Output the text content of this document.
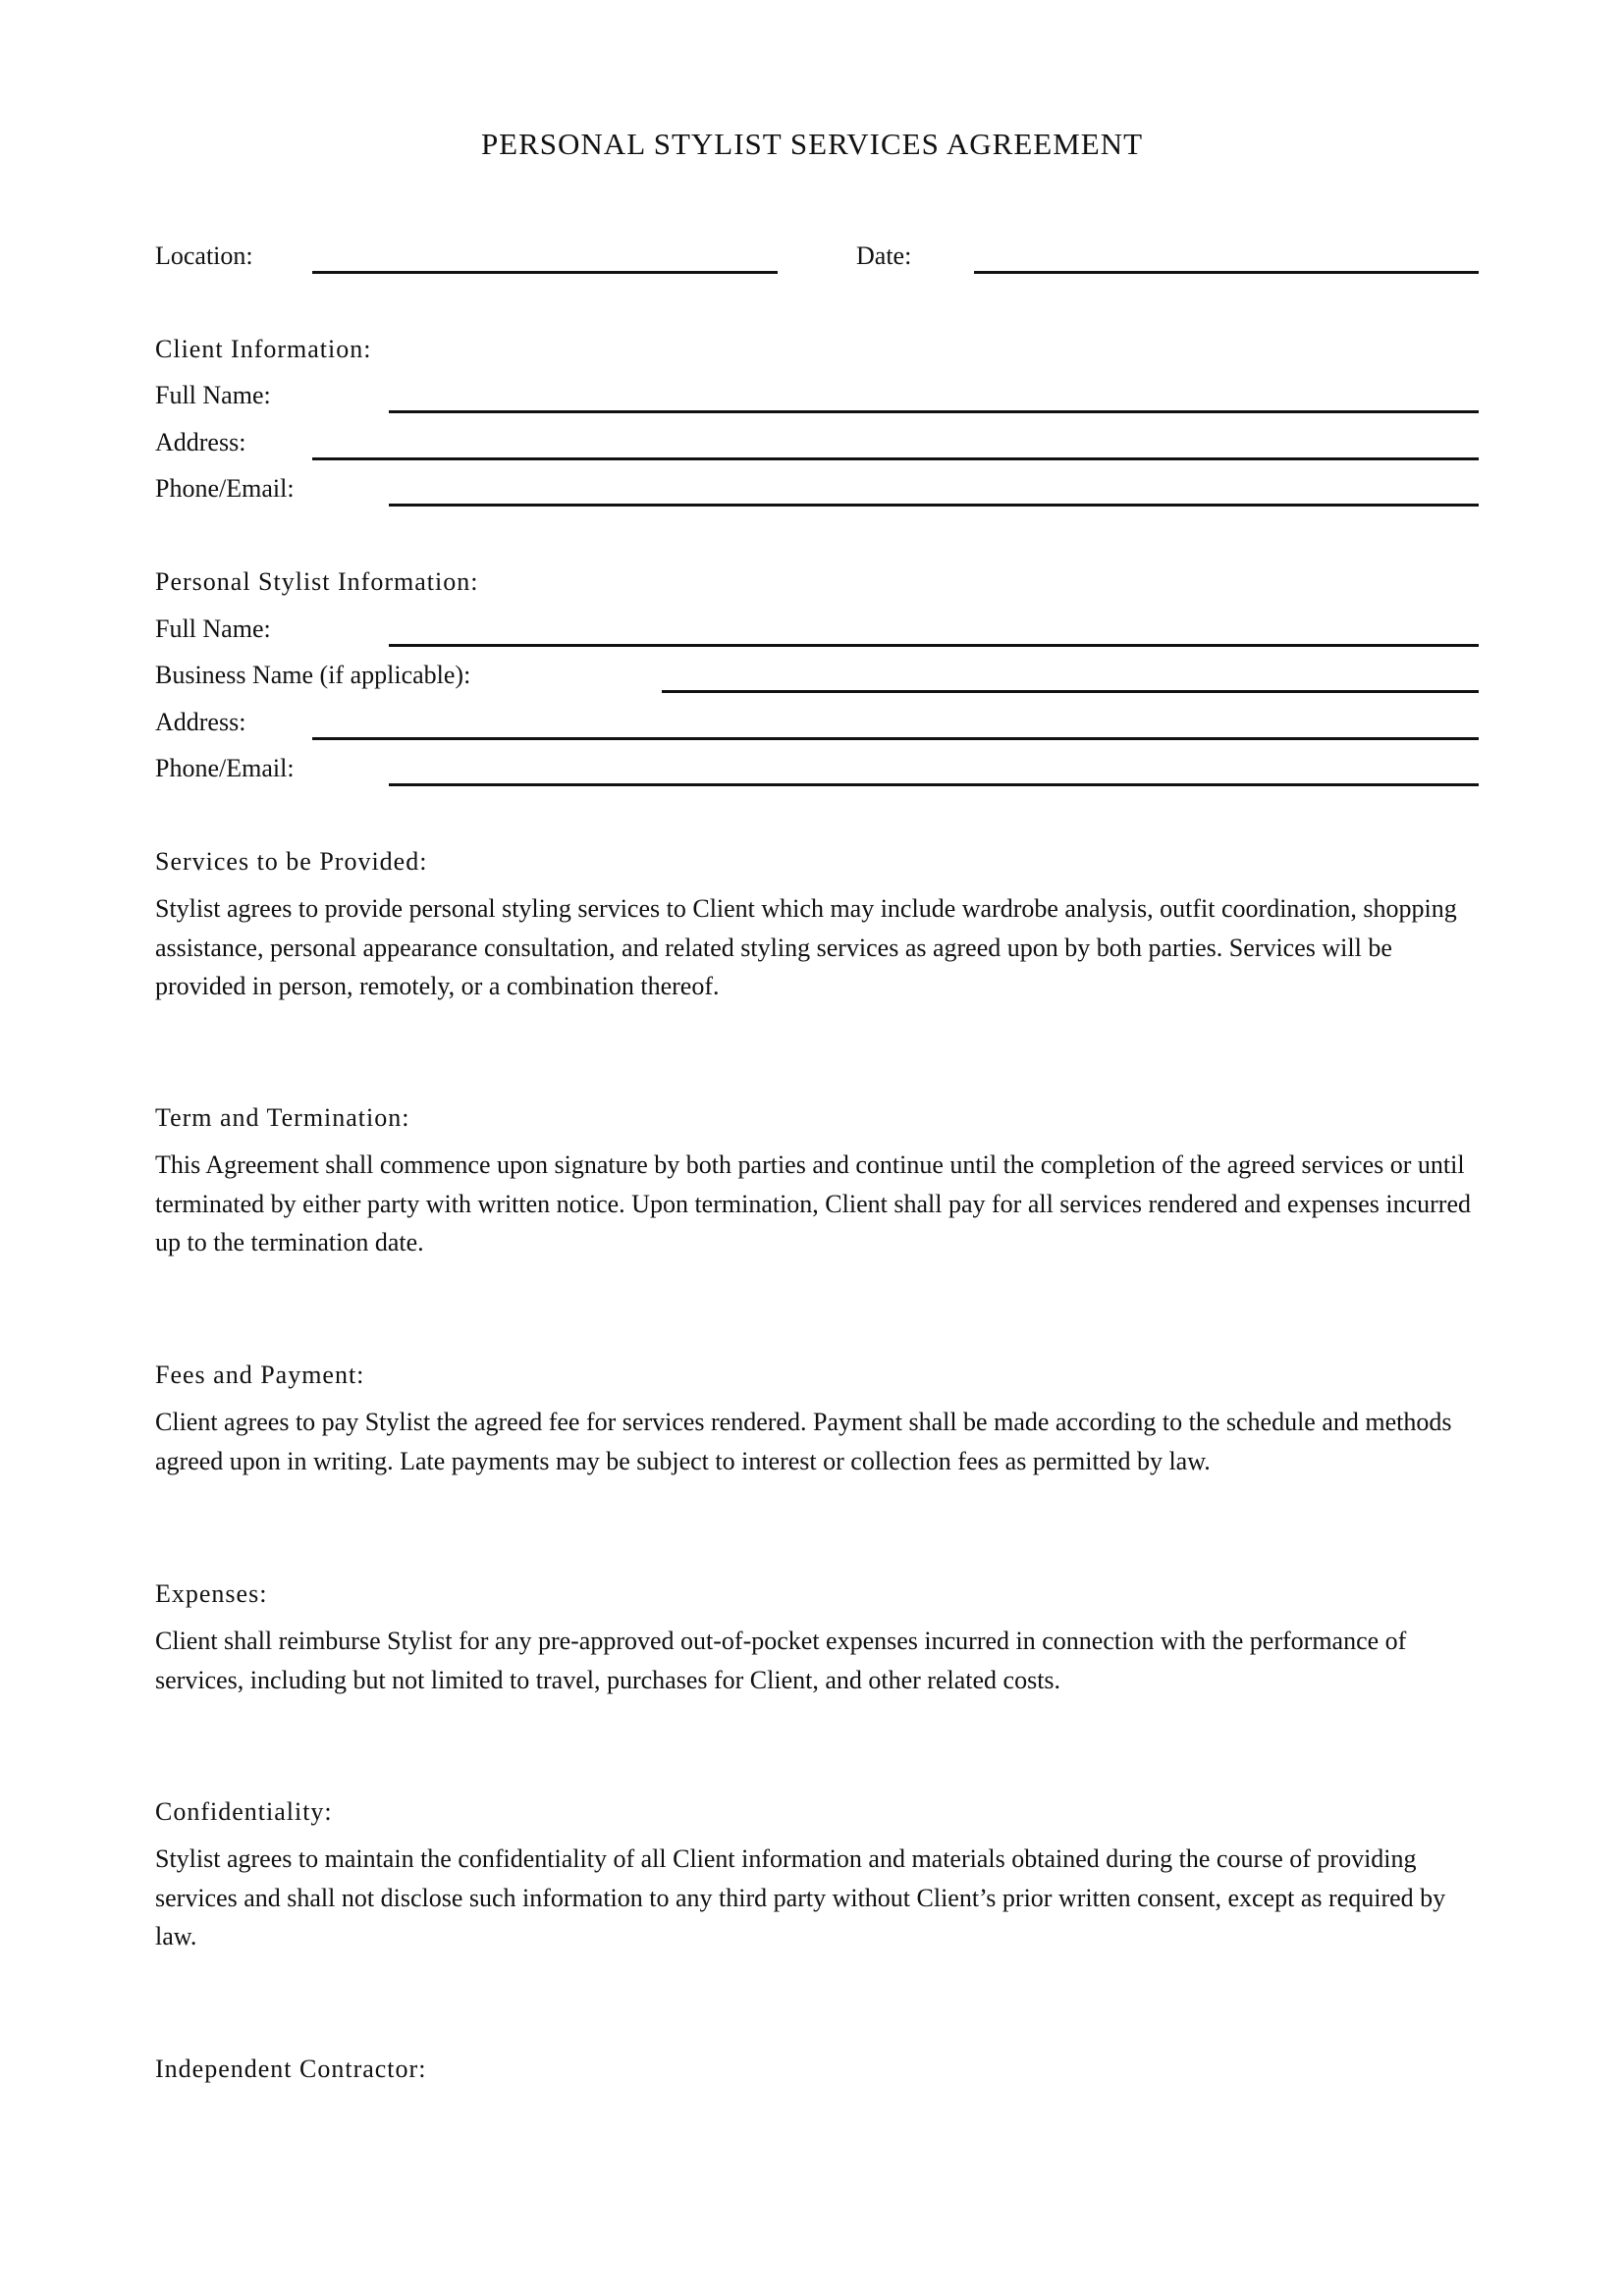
PERSONAL STYLIST SERVICES AGREEMENT
Location:	Date:
Client Information:
Full Name:
Address:
Phone/Email:
Personal Stylist Information:
Full Name:
Business Name (if applicable):
Address:
Phone/Email:
Services to be Provided:
Stylist agrees to provide personal styling services to Client which may include wardrobe analysis, outfit coordination, shopping assistance, personal appearance consultation, and related styling services as agreed upon by both parties. Services will be provided in person, remotely, or a combination thereof.
Term and Termination:
This Agreement shall commence upon signature by both parties and continue until the completion of the agreed services or until terminated by either party with written notice. Upon termination, Client shall pay for all services rendered and expenses incurred up to the termination date.
Fees and Payment:
Client agrees to pay Stylist the agreed fee for services rendered. Payment shall be made according to the schedule and methods agreed upon in writing. Late payments may be subject to interest or collection fees as permitted by law.
Expenses:
Client shall reimburse Stylist for any pre-approved out-of-pocket expenses incurred in connection with the performance of services, including but not limited to travel, purchases for Client, and other related costs.
Confidentiality:
Stylist agrees to maintain the confidentiality of all Client information and materials obtained during the course of providing services and shall not disclose such information to any third party without Client’s prior written consent, except as required by law.
Independent Contractor:
